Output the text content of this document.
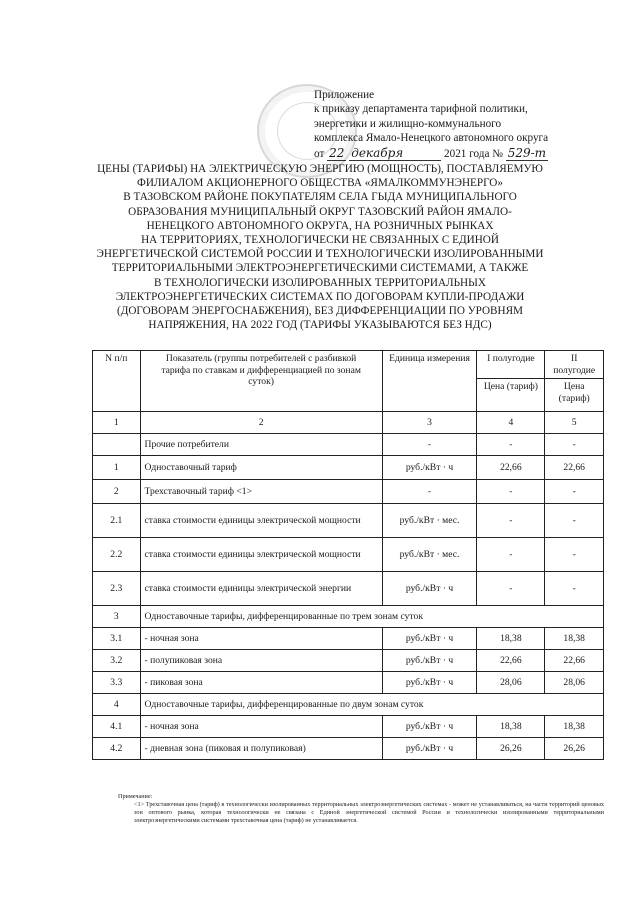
Приложение
к приказу департамента тарифной политики,
энергетики и жилищно-коммунального
комплекса Ямало-Ненецкого автономного округа
от 22 декабря	2021 года № 529-т
ЦЕНЫ (ТАРИФЫ) НА ЭЛЕКТРИЧЕСКУЮ ЭНЕРГИЮ (МОЩНОСТЬ), ПОСТАВЛЯЕМУЮ
ФИЛИАЛОМ АКЦИОНЕРНОГО ОБЩЕСТВА «ЯМАЛКОММУНЭНЕРГО»
В ТАЗОВСКОМ РАЙОНЕ ПОКУПАТЕЛЯМ СЕЛА ГЫДА МУНИЦИПАЛЬНОГО
ОБРАЗОВАНИЯ МУНИЦИПАЛЬНЫЙ ОКРУГ ТАЗОВСКИЙ РАЙОН ЯМАЛО-
НЕНЕЦКОГО АВТОНОМНОГО ОКРУГА, НА РОЗНИЧНЫХ РЫНКАХ
НА ТЕРРИТОРИЯХ, ТЕХНОЛОГИЧЕСКИ НЕ СВЯЗАННЫХ С ЕДИНОЙ
ЭНЕРГЕТИЧЕСКОЙ СИСТЕМОЙ РОССИИ И ТЕХНОЛОГИЧЕСКИ ИЗОЛИРОВАННЫМИ
ТЕРРИТОРИАЛЬНЫМИ ЭЛЕКТРОЭНЕРГЕТИЧЕСКИМИ СИСТЕМАМИ, А ТАКЖЕ
В ТЕХНОЛОГИЧЕСКИ ИЗОЛИРОВАННЫХ ТЕРРИТОРИАЛЬНЫХ
ЭЛЕКТРОЭНЕРГЕТИЧЕСКИХ СИСТЕМАХ ПО ДОГОВОРАМ КУПЛИ-ПРОДАЖИ
(ДОГОВОРАМ ЭНЕРГОСНАБЖЕНИЯ), БЕЗ ДИФФЕРЕНЦИАЦИИ ПО УРОВНЯМ
НАПРЯЖЕНИЯ, НА 2022 ГОД (ТАРИФЫ УКАЗЫВАЮТСЯ БЕЗ НДС)
N п/п	Показатель (группы потребителей с разбивкой тарифа по ставкам и дифференциацией по зонам суток)	Единица измерения	I полугодие	II полугодие
			Цена (тариф)	Цена (тариф)
1	2	3	4	5
	Прочие потребители	-	-	-
1	Одноставочный тариф	руб./кВт · ч	22,66	22,66
2	Трехставочный тариф <1>	-	-	-
2.1	ставка стоимости единицы электрической мощности	руб./кВт · мес.	-	-
2.2	ставка стоимости единицы электрической мощности	руб./кВт · мес.	-	-
2.3	ставка стоимости единицы электрической энергии	руб./кВт · ч	-	-
3	Одноставочные тарифы, дифференцированные по трем зонам суток			
3.1	- ночная зона	руб./кВт · ч	18,38	18,38
3.2	- полупиковая зона	руб./кВт · ч	22,66	22,66
3.3	- пиковая зона	руб./кВт · ч	28,06	28,06
4	Одноставочные тарифы, дифференцированные по двум зонам суток			
4.1	- ночная зона	руб./кВт · ч	18,38	18,38
4.2	- дневная зона (пиковая и полупиковая)	руб./кВт · ч	26,26	26,26
Примечание:
<1> Трехставочная цена (тариф) в технологически изолированных территориальных электроэнергетических системах - может не устанавливаться, на части территорий ценовых зон оптового рынка, которая технологически не связана с Единой энергетической системой России и технологически изолированными территориальными электроэнергетическими системами трехставочная цена (тариф) не устанавливается.
